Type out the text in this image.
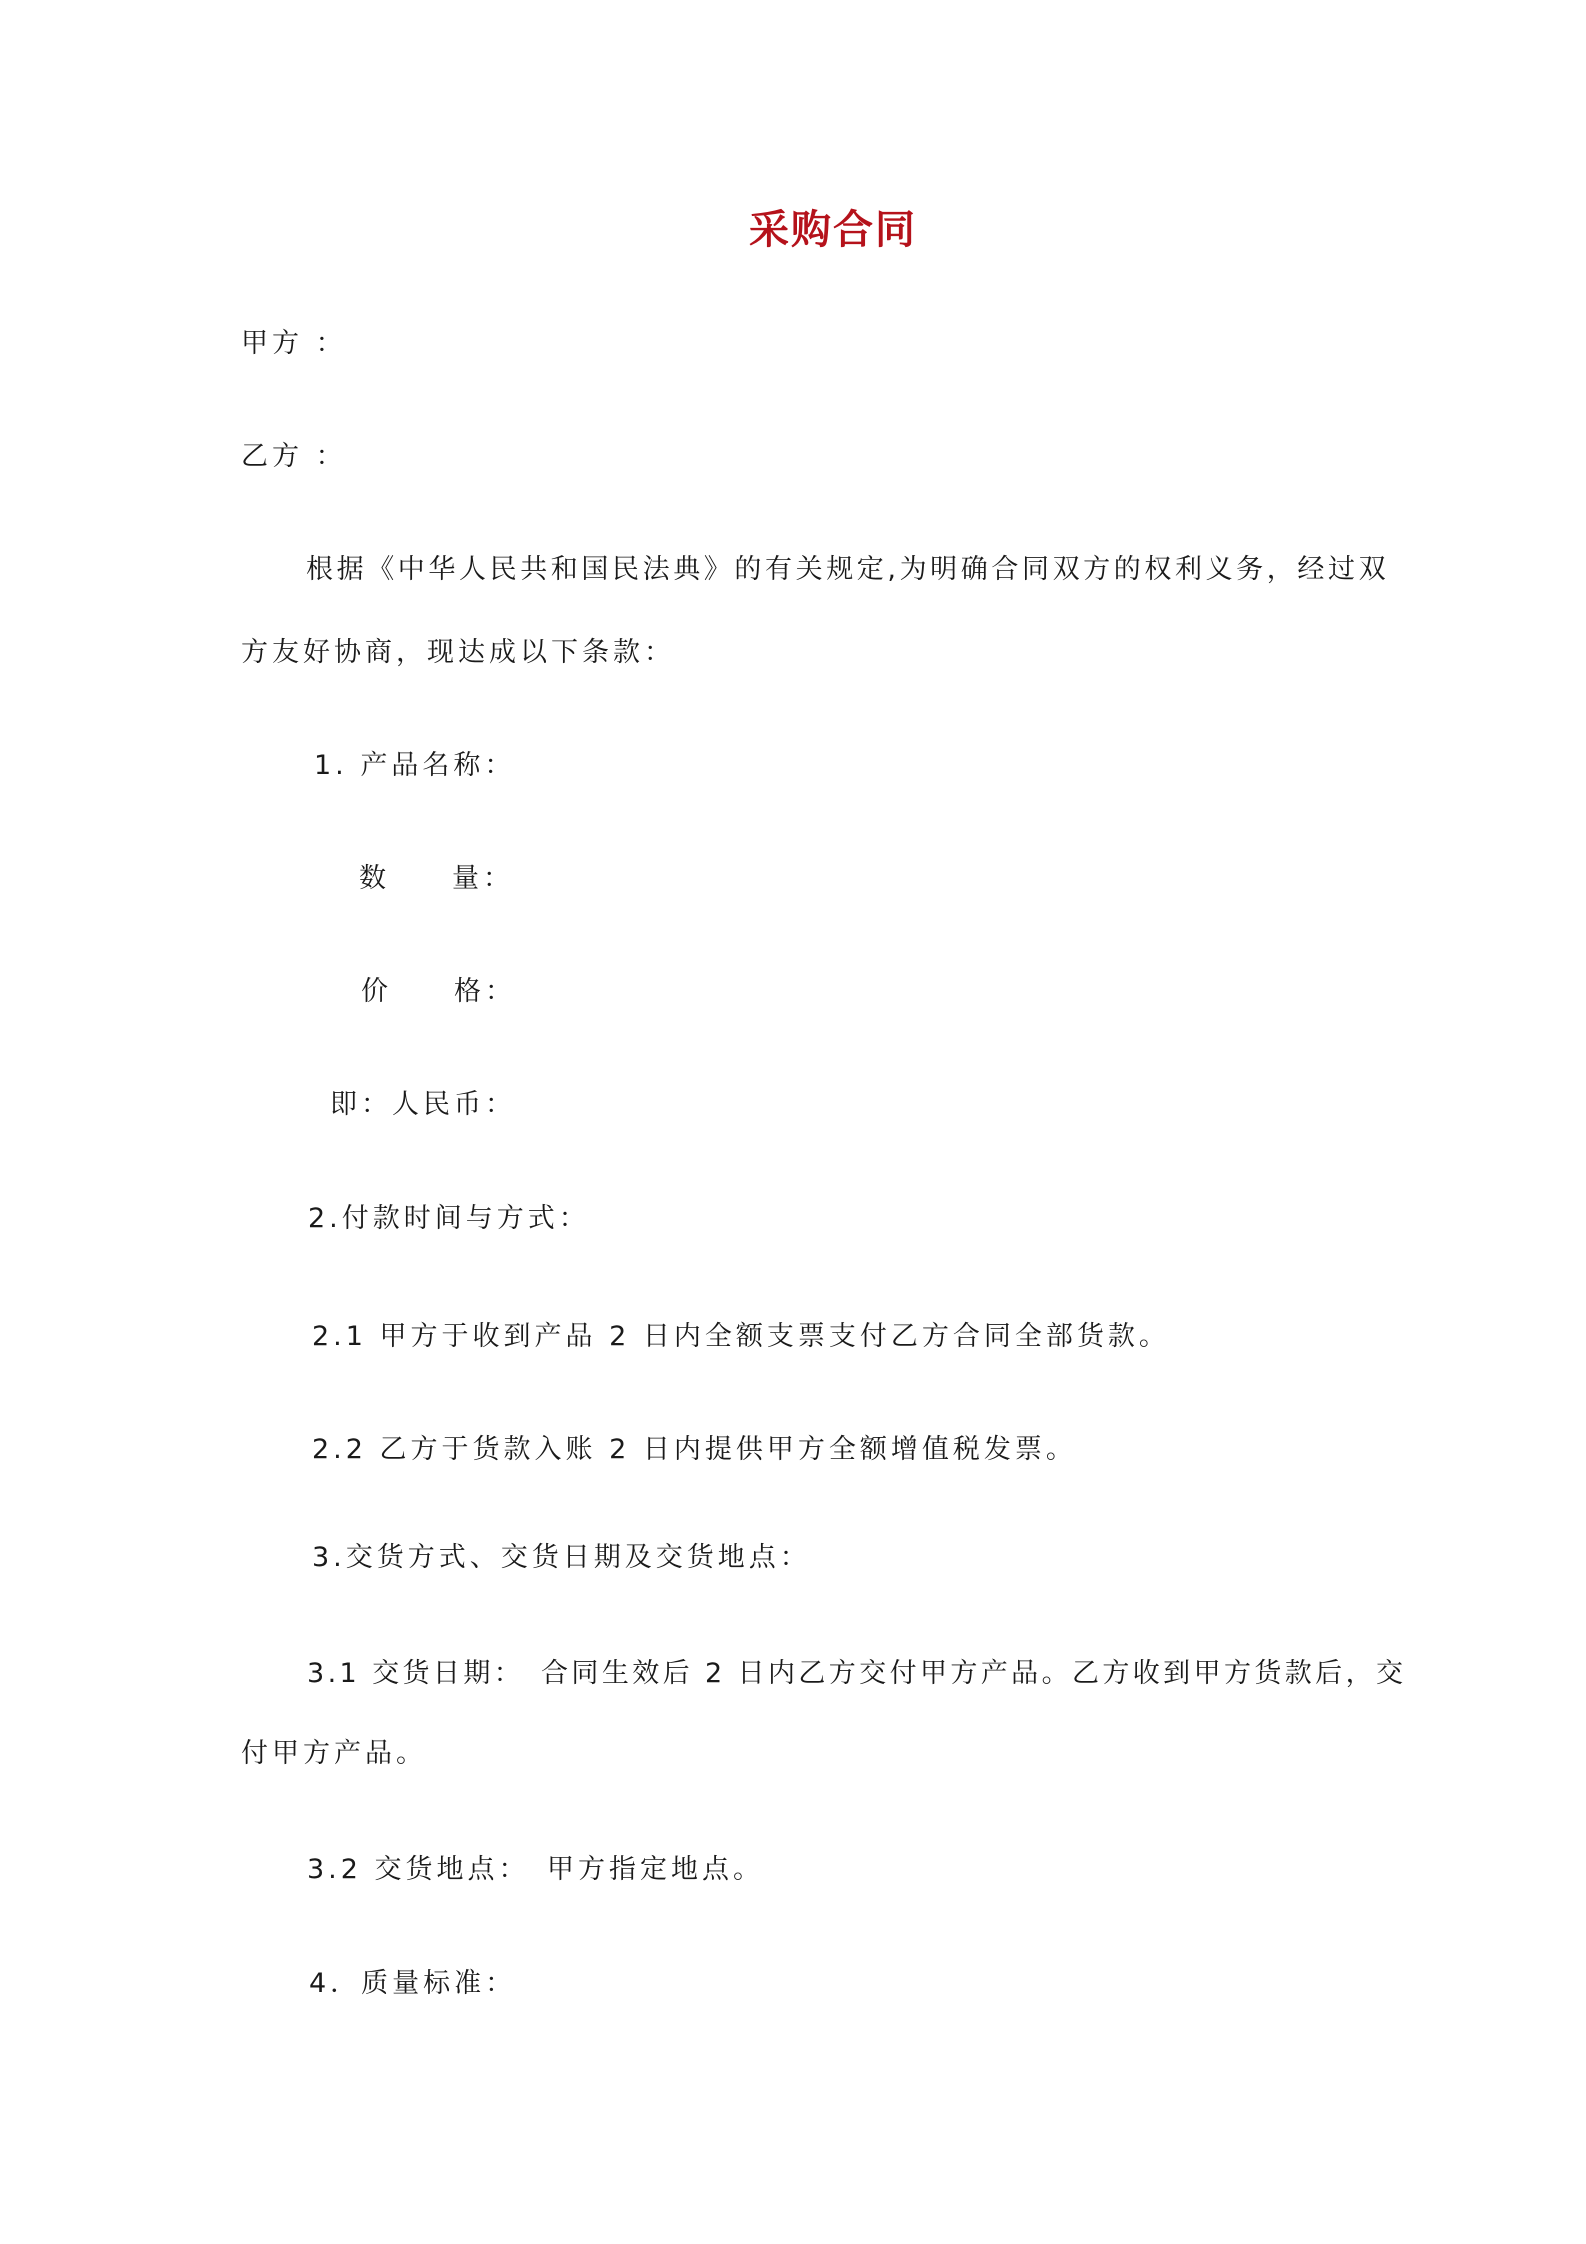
采购合同
甲方 ：
乙方 ：
根据《中华人民共和国民法典》的有关规定,为明确合同双方的权利义务，经过双
方友好协商，现达成以下条款：
1. 产品名称：
数　　量：
价　　格：
即：人民币：
2.付款时间与方式：
2.1 甲方于收到产品 2 日内全额支票支付乙方合同全部货款。
2.2 乙方于货款入账 2 日内提供甲方全额增值税发票。
3.交货方式、交货日期及交货地点：
3.1 交货日期：　合同生效后 2 日内乙方交付甲方产品。乙方收到甲方货款后，交
付甲方产品。
3.2 交货地点：　甲方指定地点。
4．质量标准：
